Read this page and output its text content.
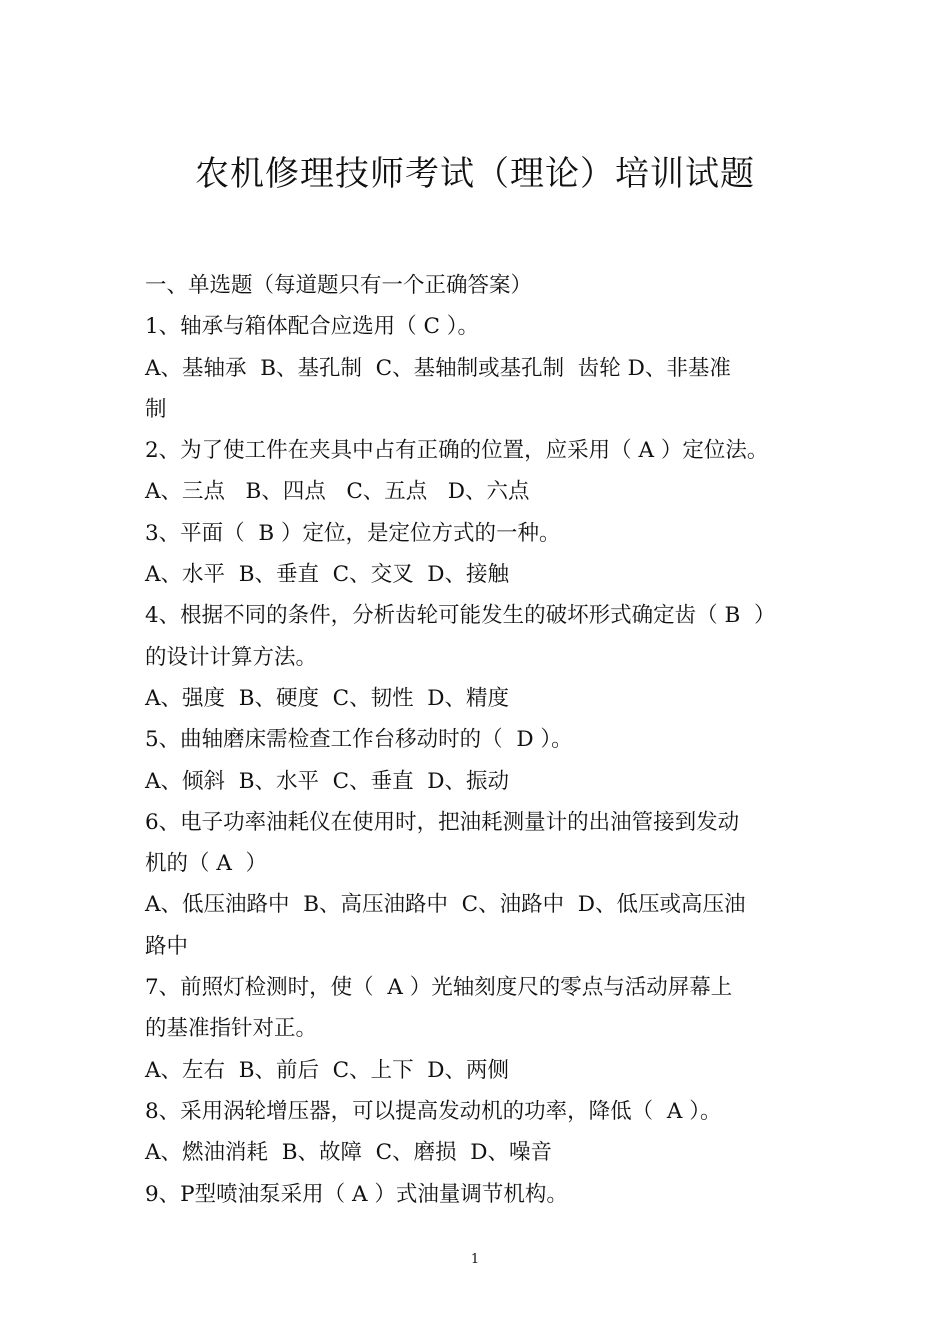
农机修理技师考试（理论）培训试题

一、单选题（每道题只有一个正确答案）

1、轴承与箱体配合应选用（ C ）。

A、基轴承  B、基孔制  C、基轴制或基孔制  齿轮 D、非基准

制

2、为了使工件在夹具中占有正确的位置，应采用（ A ）定位法。

A、三点   B、四点   C、五点   D、六点

3、平面（  B ）定位，是定位方式的一种。

A、水平  B、垂直  C、交叉  D、接触

4、根据不同的条件，分析齿轮可能发生的破坏形式确定齿（ B  ）

的设计计算方法。

A、强度  B、硬度  C、韧性  D、精度

5、曲轴磨床需检查工作台移动时的（  D ）。

A、倾斜  B、水平  C、垂直  D、振动

6、电子功率油耗仪在使用时，把油耗测量计的出油管接到发动

机的（ A  ）

A、低压油路中  B、高压油路中  C、油路中  D、低压或高压油

路中

7、前照灯检测时，使（  A ）光轴刻度尺的零点与活动屏幕上

的基准指针对正。

A、左右  B、前后  C、上下  D、两侧

8、采用涡轮增压器，可以提高发动机的功率，降低（  A ）。

A、燃油消耗  B、故障  C、磨损  D、噪音

9、P型喷油泵采用（ A ）式油量调节机构。

1
